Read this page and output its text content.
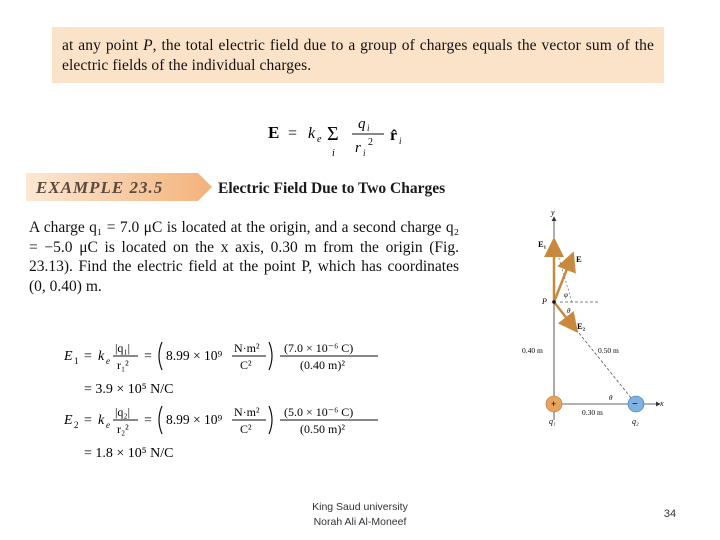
at any point P, the total electric field due to a group of charges equals the vector sum of the electric fields of the individual charges.
E = k e Σ
i
q i
r i
2 r̂ i
EXAMPLE 23.5	Electric Field Due to Two Charges
A charge q₁ = 7.0 μC is located at the origin, and a second charge q₂ = −5.0 μC is located on the x axis, 0.30 m from the origin (Fig. 23.13). Find the electric field at the point P, which has coordinates (0, 0.40) m.
E 1 = k e
|q₁|
r₁²
= 8.99 × 10⁹ N·m²
C²
(7.0 × 10⁻⁶ C)
(0.40 m)²
= 3.9 × 10⁵ N/C
E 2 = k e
|q₂|
r₂²
= 8.99 × 10⁹ N·m²
C²
(5.0 × 10⁻⁶ C)
(0.50 m)²
= 1.8 × 10⁵ N/C
y
x
E₁
E
E₂
P
φ
θ
θ
0.40 m	0.50 m
0.30 m
+
q₁
−
q₂
King Saud university
Norah Ali Al-Moneef
34
